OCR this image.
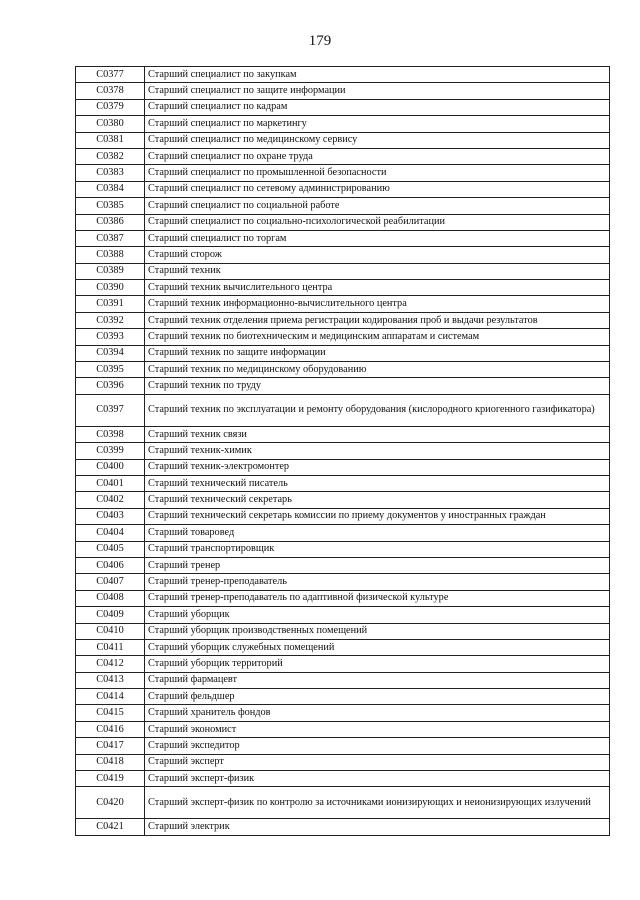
179
С0377	Старший специалист по закупкам
С0378	Старший специалист по защите информации
С0379	Старший специалист по кадрам
С0380	Старший специалист по маркетингу
С0381	Старший специалист по медицинскому сервису
С0382	Старший специалист по охране труда
С0383	Старший специалист по промышленной безопасности
С0384	Старший специалист по сетевому администрированию
С0385	Старший специалист по социальной работе
С0386	Старший специалист по социально-психологической реабилитации
С0387	Старший специалист по торгам
С0388	Старший сторож
С0389	Старший техник
С0390	Старший техник вычислительного центра
С0391	Старший техник информационно-вычислительного центра
С0392	Старший техник отделения приема регистрации кодирования проб и выдачи результатов
С0393	Старший техник по биотехническим и медицинским аппаратам и системам
С0394	Старший техник по защите информации
С0395	Старший техник по медицинскому оборудованию
С0396	Старший техник по труду
С0397	Старший техник по эксплуатации и ремонту оборудования (кислородного криогенного газификатора)
С0398	Старший техник связи
С0399	Старший техник-химик
С0400	Старший техник-электромонтер
С0401	Старший технический писатель
С0402	Старший технический секретарь
С0403	Старший технический секретарь комиссии по приему документов у иностранных граждан
С0404	Старший товаровед
С0405	Старший транспортировщик
С0406	Старший тренер
С0407	Старший тренер-преподаватель
С0408	Старший тренер-преподаватель по адаптивной физической культуре
С0409	Старший уборщик
С0410	Старший уборщик производственных помещений
С0411	Старший уборщик служебных помещений
С0412	Старший уборщик территорий
С0413	Старший фармацевт
С0414	Старший фельдшер
С0415	Старший хранитель фондов
С0416	Старший экономист
С0417	Старший экспедитор
С0418	Старший эксперт
С0419	Старший эксперт-физик
С0420	Старший эксперт-физик по контролю за источниками ионизирующих и неионизирующих излучений
С0421	Старший электрик
